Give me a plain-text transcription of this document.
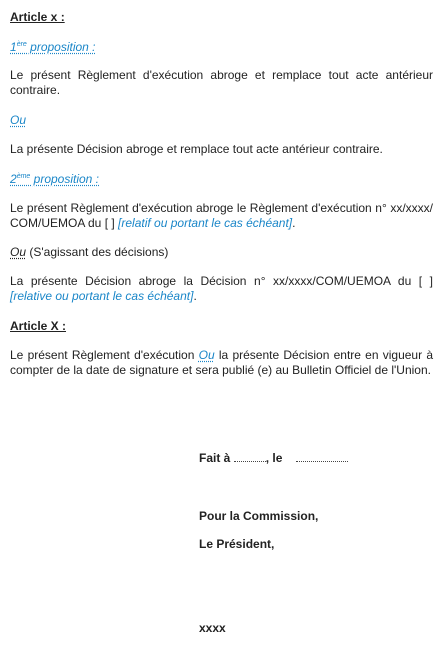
Article x :

1ère proposition :

Le présent Règlement d'exécution abroge et remplace tout acte antérieur contraire.

Ou

La présente Décision abroge et remplace tout acte antérieur contraire.

2ème proposition :

Le présent Règlement d'exécution abroge le Règlement d'exécution n° xx/xxxx/ COM/UEMOA du [ ] [relatif ou portant le cas échéant].

Ou (S'agissant des décisions)

La présente Décision abroge la Décision n° xx/xxxx/COM/UEMOA du [ ] [relative ou portant le cas échéant].

Article X :

Le présent Règlement d'exécution Ou la présente Décision entre en vigueur à compter de la date de signature et sera publié (e) au Bulletin Officiel de l'Union.

Fait à	, le
Pour la Commission,
Le Président,
xxxx
